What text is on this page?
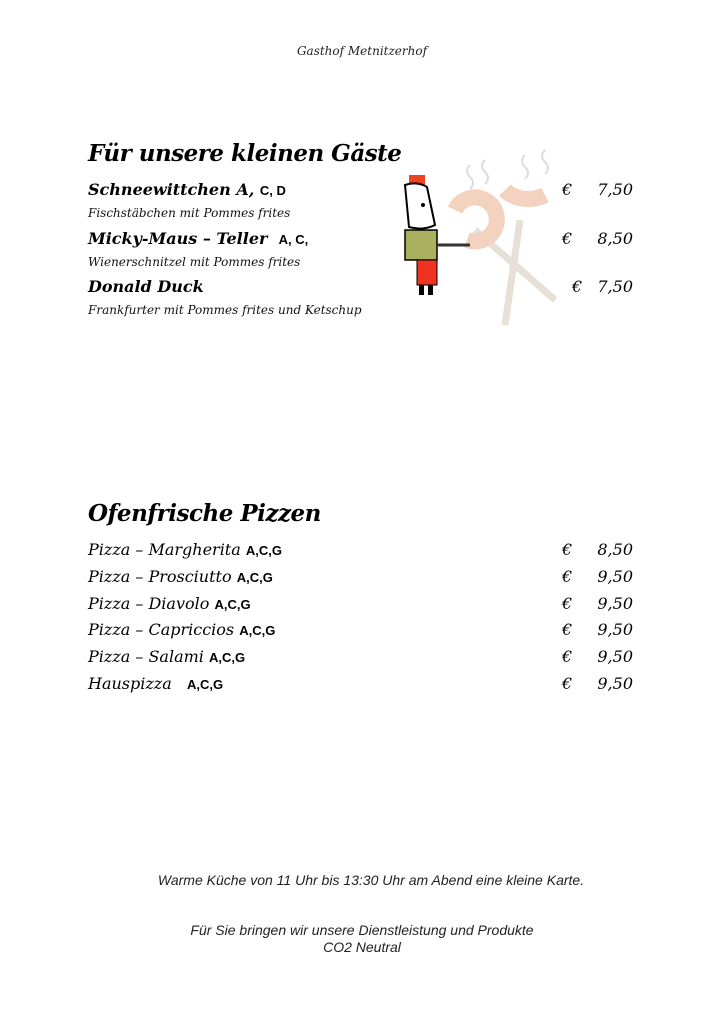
Gasthof Metnitzerhof
Für unsere kleinen Gäste
Schneewittchen A, C, D	€ 7,50
Fischstäbchen mit Pommes frites
Micky-Maus – Teller A, C,	€ 8,50
Wienerschnitzel mit Pommes frites
Donald Duck	€ 7,50
Frankfurter mit Pommes frites und Ketschup
Ofenfrische Pizzen
Pizza – Margherita A,C,G	€ 8,50
Pizza – Prosciutto A,C,G	€ 9,50
Pizza – Diavolo A,C,G	€ 9,50
Pizza – Capriccios A,C,G	€ 9,50
Pizza – Salami A,C,G	€ 9,50
Hauspizza A,C,G	€ 9,50
Warme Küche von 11 Uhr bis 13:30 Uhr am Abend eine kleine Karte.
Für Sie bringen wir unsere Dienstleistung und Produkte
CO2 Neutral
